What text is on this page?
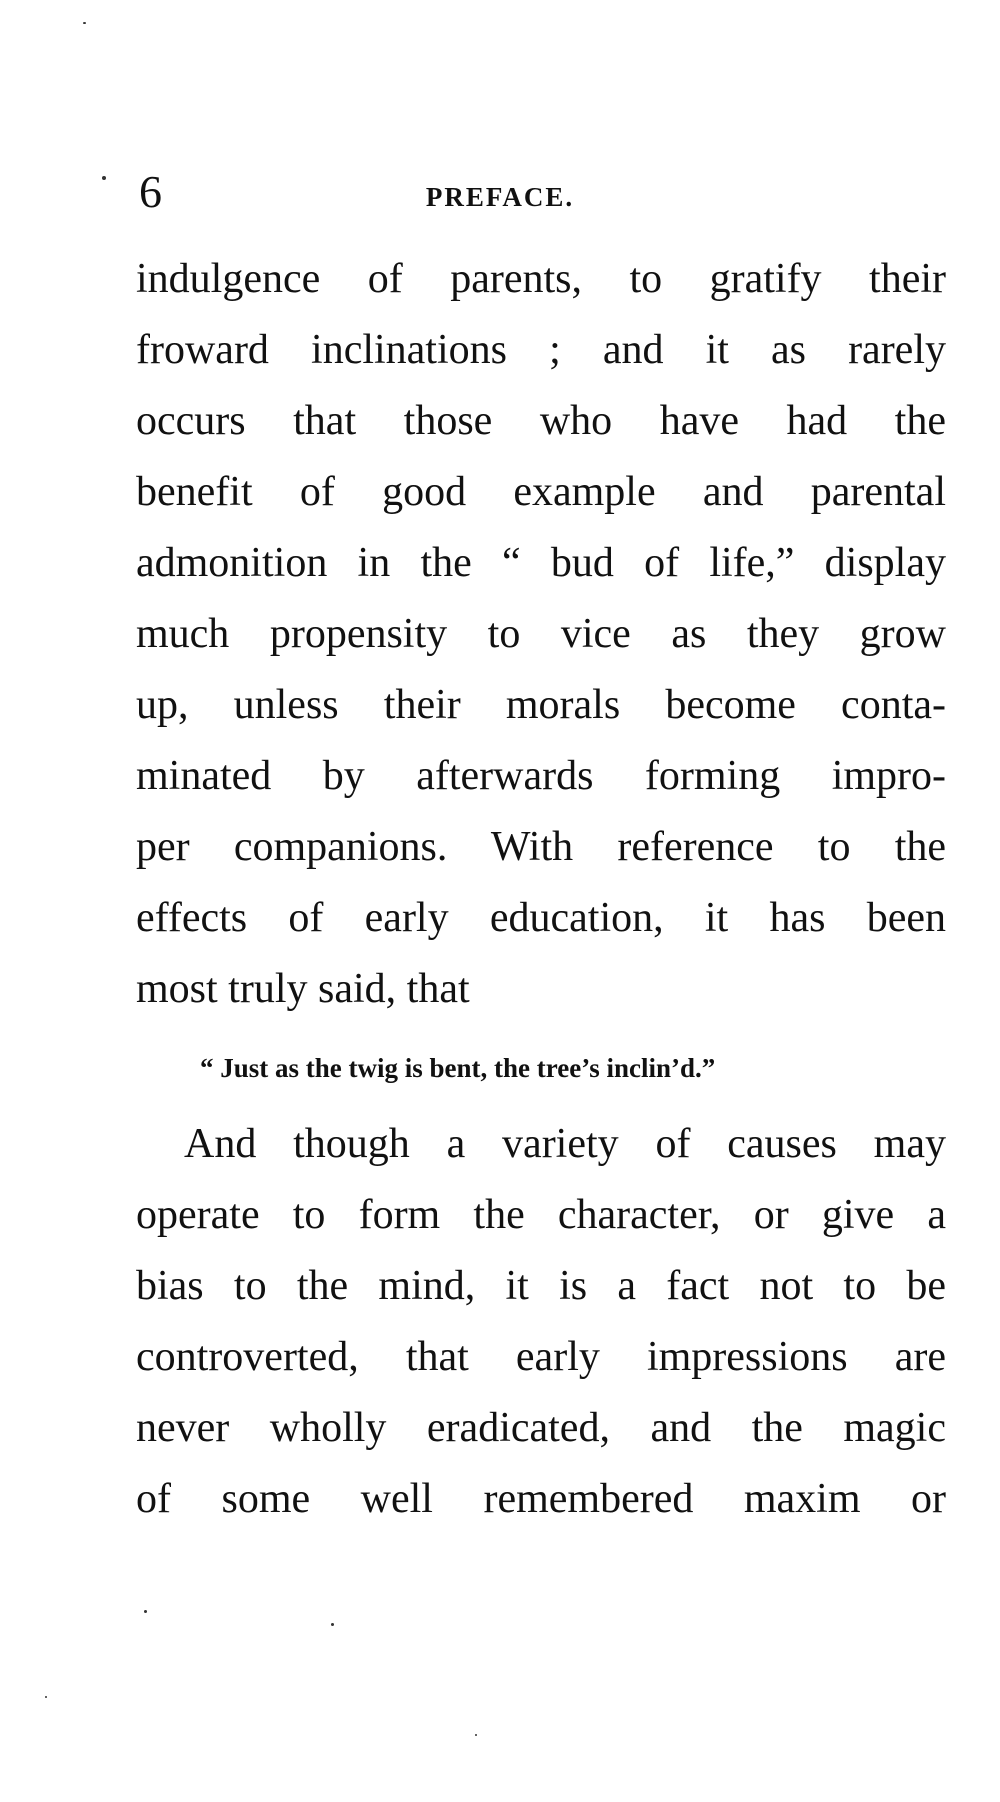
6	PREFACE.
indulgence of parents, to gratify their
froward inclinations ; and it as rarely
occurs that those who have had the
benefit of good example and parental
admonition in the “ bud of life,” display
much propensity to vice as they grow
up, unless their morals become conta-
minated by afterwards forming impro-
per companions. With reference to the
effects of early education, it has been
most truly said, that
“ Just as the twig is bent, the tree’s inclin’d.”
And though a variety of causes may
operate to form the character, or give a
bias to the mind, it is a fact not to be
controverted, that early impressions are
never wholly eradicated, and the magic
of some well remembered maxim or
